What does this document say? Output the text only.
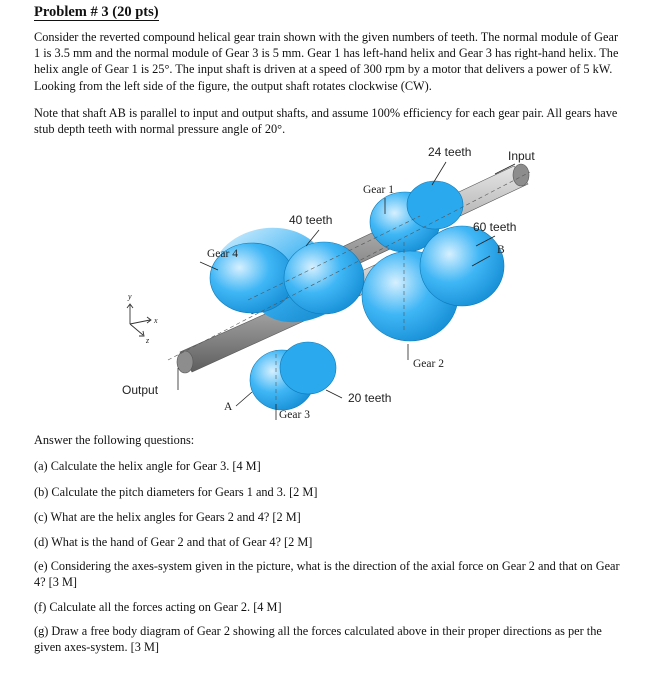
Problem # 3 (20 pts)
Consider the reverted compound helical gear train shown with the given numbers of teeth. The normal module of Gear 1 is 3.5 mm and the normal module of Gear 3 is 5 mm. Gear 1 has left-hand helix and Gear 3 has right-hand helix. The helix angle of Gear 1 is 25°. The input shaft is driven at a speed of 300 rpm by a motor that delivers a power of 5 kW. Looking from the left side of the figure, the output shaft rotates clockwise (CW).
Note that shaft AB is parallel to input and output shafts, and assume 100% efficiency for each gear pair. All gears have stub depth teeth with normal pressure angle of 20°.
24 teeth	Input
Gear 1
40 teeth	60 teeth
B
Gear 4
y
x
z
Gear 2
Output
20 teeth
A
Gear 3
Answer the following questions:
(a) Calculate the helix angle for Gear 3. [4 M]
(b) Calculate the pitch diameters for Gears 1 and 3. [2 M]
(c) What are the helix angles for Gears 2 and 4? [2 M]
(d) What is the hand of Gear 2 and that of Gear 4? [2 M]
(e) Considering the axes-system given in the picture, what is the direction of the axial force on Gear 2 and that on Gear 4? [3 M]
(f) Calculate all the forces acting on Gear 2. [4 M]
(g) Draw a free body diagram of Gear 2 showing all the forces calculated above in their proper directions as per the given axes-system. [3 M]
